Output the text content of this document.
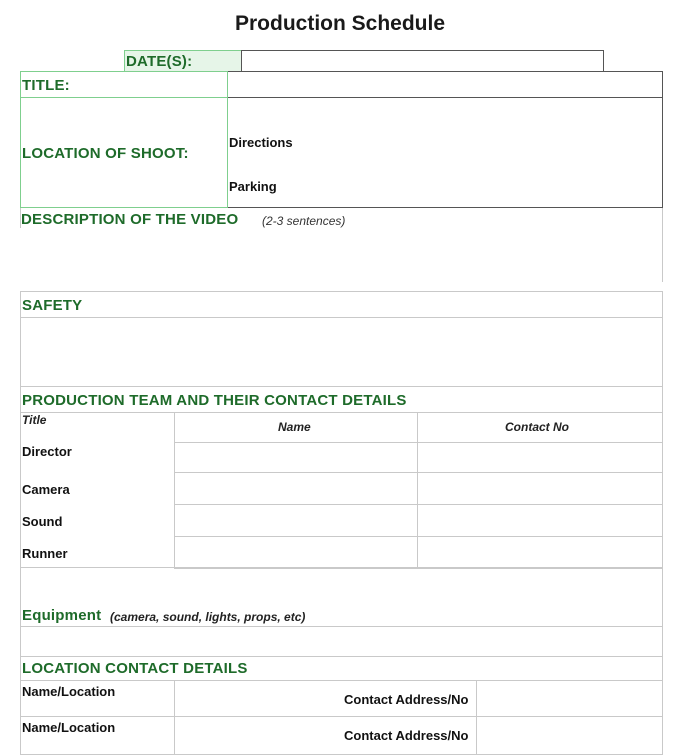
Production Schedule
DATE(S):
TITLE:
LOCATION OF SHOOT:
Directions
Parking
DESCRIPTION OF THE VIDEO (2-3 sentences)
SAFETY
PRODUCTION TEAM AND THEIR CONTACT DETAILS
Title	Name	Contact No
Director
Camera
Sound
Runner
Equipment (camera, sound, lights, props, etc)
LOCATION CONTACT DETAILS
Name/Location
Contact Address/No
Name/Location
Contact Address/No
